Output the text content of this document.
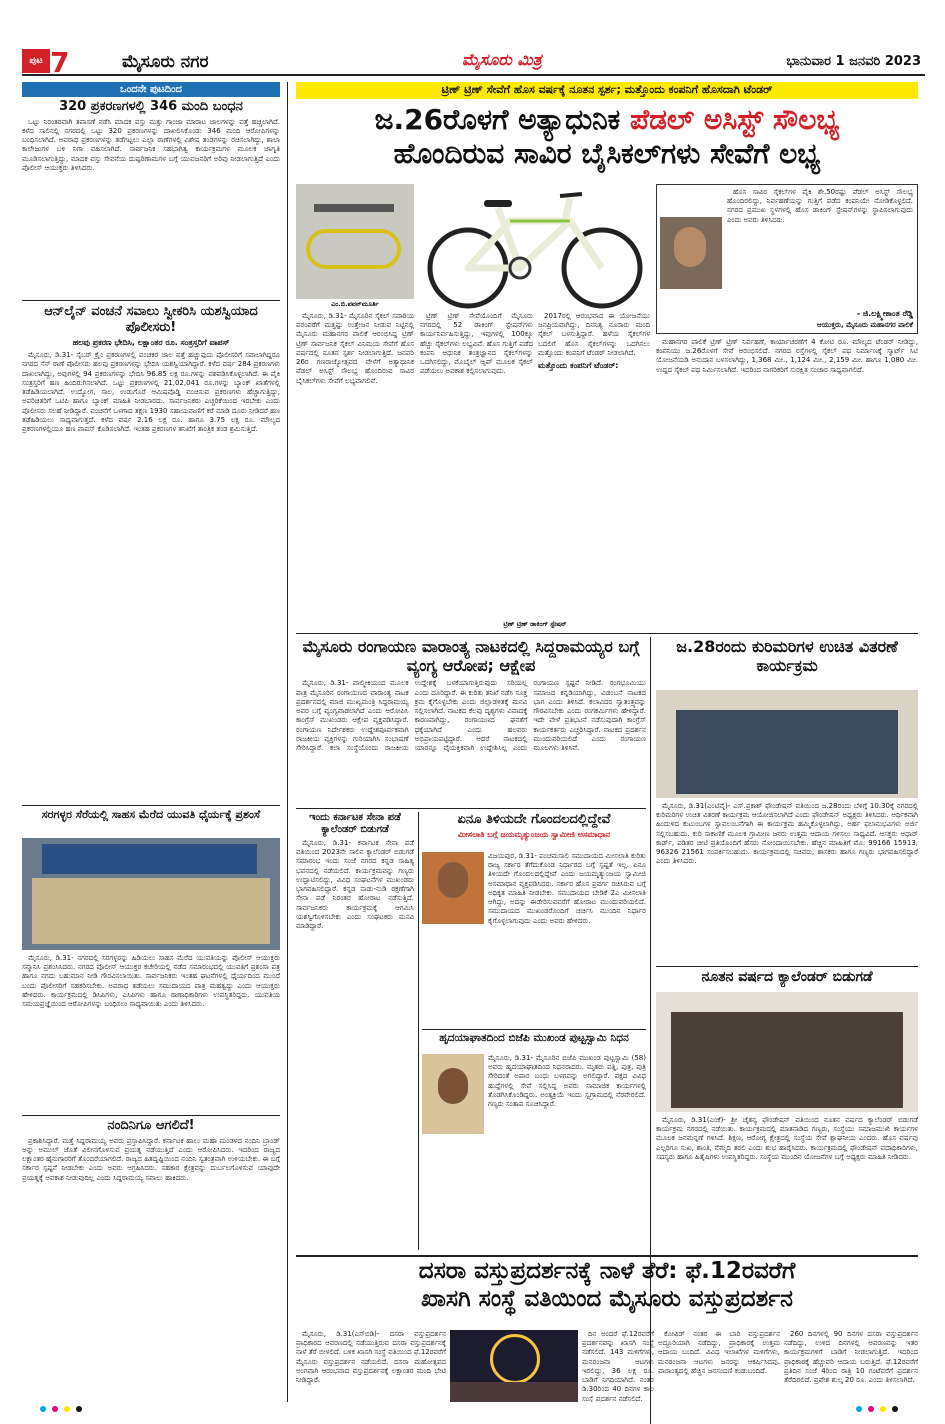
ಪುಟ 7	ಮೈಸೂರು ನಗರ	ಮೈಸೂರು ಮಿತ್ರ	ಭಾನುವಾರ 1 ಜನವರಿ 2023
ಒಂದನೇ ಪುಟದಿಂದ
320 ಪ್ರಕರಣಗಳಲ್ಲಿ 346 ಮಂದಿ ಬಂಧನ

ಒಟ್ಟು ನಿರಂತರವಾಗಿ ತಪಾಸಣೆ ನಡೆಸಿ ಮಾದಕ ವಸ್ತು ಮತ್ತು ಗಾಂಜಾ ಮಾರಾಟ ಜಾಲಗಳನ್ನು ಪತ್ತೆ ಹಚ್ಚಲಾಗಿದೆ. ಕಳೆದ ಸಾಲಿನಲ್ಲಿ ನಗರದಲ್ಲಿ ಒಟ್ಟು 320 ಪ್ರಕರಣಗಳನ್ನು ದಾಖಲಿಸಿಕೊಂಡು 346 ಮಂದಿ ಆರೋಪಿಗಳನ್ನು ಬಂಧಿಸಲಾಗಿದೆ. ಅಪರಾಧ ಪ್ರಕರಣಗಳನ್ನು ತಡೆಗಟ್ಟಲು ಎಲ್ಲಾ ಠಾಣೆಗಳಲ್ಲಿ ವಿಶೇಷ ತಂಡಗಳನ್ನು ರಚಿಸಲಾಗಿದ್ದು, ಶಾಲಾ ಕಾಲೇಜುಗಳ ಬಳಿ ನಿಗಾ ವಹಿಸಲಾಗಿದೆ. ಸಾರ್ವಜನಿಕ ಸಹಭಾಗಿತ್ವ ಕಾರ್ಯಕ್ರಮಗಳ ಮೂಲಕ ಜಾಗೃತಿ ಮೂಡಿಸಲಾಗುತ್ತಿದ್ದು, ಮಾದಕ ವಸ್ತು ಸೇವನೆಯ ದುಷ್ಪರಿಣಾಮಗಳ ಬಗ್ಗೆ ಯುವಜನರಿಗೆ ಅರಿವು ನೀಡಲಾಗುತ್ತಿದೆ ಎಂದು ಪೊಲೀಸ್ ಆಯುಕ್ತರು ತಿಳಿಸಿದರು.

ಆನ್‌ಲೈನ್ ವಂಚನೆ ಸವಾಲು ಸ್ವೀಕರಿಸಿ ಯಶಸ್ವಿಯಾದ ಪೊಲೀಸರು!
ಹಲವು ಪ್ರಕರಣ ಭೇದಿಸಿ, ಲಕ್ಷಾಂತರ ರೂ. ಸಂತ್ರಸ್ತರಿಗೆ ವಾಪಸ್

ಮೈಸೂರು, ಡಿ.31- ಸೈಬರ್ ಕ್ರೈಂ ಪ್ರಕರಣಗಳಲ್ಲಿ ವಂಚಕರ ಜಾಲ ಪತ್ತೆ ಹಚ್ಚುವುದು ಪೊಲೀಸರಿಗೆ ಸವಾಲಾಗಿದ್ದರೂ ನಗರದ ಸೆನ್ ಠಾಣೆ ಪೊಲೀಸರು ಹಲವು ಪ್ರಕರಣಗಳನ್ನು ಭೇದಿಸಿ ಯಶಸ್ವಿಯಾಗಿದ್ದಾರೆ. ಕಳೆದ ವರ್ಷ 284 ಪ್ರಕರಣಗಳು ದಾಖಲಾಗಿದ್ದು, ಅವುಗಳಲ್ಲಿ 94 ಪ್ರಕರಣಗಳನ್ನು ಭೇದಿಸಿ 96.85 ಲಕ್ಷ ರೂ.ಗಳನ್ನು ವಶಪಡಿಸಿಕೊಳ್ಳಲಾಗಿದೆ. ಈ ಪೈಕಿ ಸಂತ್ರಸ್ತರಿಗೆ ಹಣ ಹಿಂದಿರುಗಿಸಲಾಗಿದೆ. ಒಟ್ಟು ಪ್ರಕರಣಗಳಲ್ಲಿ 21,02,041 ರೂ.ಗಳನ್ನು ಬ್ಯಾಂಕ್ ಖಾತೆಗಳಲ್ಲಿ ತಡೆಹಿಡಿಯಲಾಗಿದೆ. ಉದ್ಯೋಗ, ಸಾಲ, ಉಡುಗೊರೆ ಆಮಿಷವೊಡ್ಡಿ ವಂಚಿಸುವ ಪ್ರಕರಣಗಳು ಹೆಚ್ಚಾಗುತ್ತಿದ್ದು, ಅಪರಿಚಿತರಿಗೆ ಒಟಿಪಿ ಹಾಗೂ ಬ್ಯಾಂಕ್ ಮಾಹಿತಿ ನೀಡಬಾರದು. ಸಾರ್ವಜನಿಕರು ಎಚ್ಚರಿಕೆಯಿಂದ ಇರಬೇಕು ಎಂದು ಪೊಲೀಸರು ಸಲಹೆ ನೀಡಿದ್ದಾರೆ. ವಂಚನೆಗೆ ಒಳಗಾದ ತಕ್ಷಣ 1930 ಸಹಾಯವಾಣಿಗೆ ಕರೆ ಮಾಡಿ ದೂರು ನೀಡಿದರೆ ಹಣ ತಡೆಹಿಡಿಯಲು ಸಾಧ್ಯವಾಗುತ್ತದೆ. ಕಳೆದ ವರ್ಷ 2.16 ಲಕ್ಷ ರೂ. ಹಾಗೂ 3.75 ಲಕ್ಷ ರೂ. ಮೌಲ್ಯದ ಪ್ರಕರಣಗಳಲ್ಲಿಯೂ ಹಣ ವಾಪಸ್ ಕೊಡಿಸಲಾಗಿದೆ. ಇಂತಹ ಪ್ರಕರಣಗಳ ತನಿಖೆಗೆ ತಾಂತ್ರಿಕ ತಂಡ ಶ್ರಮಿಸುತ್ತಿದೆ.

ಸರಗಳ್ಳರ ಸೆರೆಯಲ್ಲಿ ಸಾಹಸ ಮೆರೆದ ಯುವತಿ ಧೈರ್ಯಕ್ಕೆ ಪ್ರಶಂಸೆ

ಮೈಸೂರು, ಡಿ.31- ನಗರದಲ್ಲಿ ಸರಗಳ್ಳರನ್ನು ಹಿಡಿಯಲು ಸಾಹಸ ಮೆರೆದ ಯುವತಿಯನ್ನು ಪೊಲೀಸ್ ಆಯುಕ್ತರು ಸನ್ಮಾನಿಸಿ ಪ್ರಶಂಸಿಸಿದರು. ನಗರದ ಪೊಲೀಸ್ ಆಯುಕ್ತರ ಕಚೇರಿಯಲ್ಲಿ ನಡೆದ ಸಮಾರಂಭದಲ್ಲಿ ಯುವತಿಗೆ ಪ್ರಶಂಸಾ ಪತ್ರ ಹಾಗೂ ನಗದು ಬಹುಮಾನ ನೀಡಿ ಗೌರವಿಸಲಾಯಿತು. ಸಾರ್ವಜನಿಕರು ಇಂತಹ ಘಟನೆಗಳಲ್ಲಿ ಧೈರ್ಯದಿಂದ ಮುಂದೆ ಬಂದು ಪೊಲೀಸರಿಗೆ ಸಹಕರಿಸಬೇಕು. ಅಪರಾಧ ತಡೆಯಲು ಸಮುದಾಯದ ಪಾತ್ರ ಮಹತ್ವದ್ದು ಎಂದು ಆಯುಕ್ತರು ಹೇಳಿದರು. ಕಾರ್ಯಕ್ರಮದಲ್ಲಿ ಡಿಸಿಪಿಗಳು, ಎಸಿಪಿಗಳು ಹಾಗೂ ಠಾಣಾಧಿಕಾರಿಗಳು ಉಪಸ್ಥಿತರಿದ್ದರು. ಯುವತಿಯ ಸಮಯಪ್ರಜ್ಞೆಯಿಂದ ಆರೋಪಿಗಳನ್ನು ಬಂಧಿಸಲು ಸಾಧ್ಯವಾಯಿತು ಎಂದು ತಿಳಿಸಿದರು.

ನಂದಿನಿಗೂ ಆಗಲಿದೆ!

ಪ್ರಕಾಶಿಸಿದ್ದಾರೆ. ಮತ್ತೆ ಸಿದ್ದರಾಮಯ್ಯ ಅವರು ಪ್ರಸ್ತಾಪಿಸಿದ್ದಾರೆ. ಕರ್ನಾಟಕ ಹಾಲು ಮಹಾ ಮಂಡಳದ ನಂದಿನಿ ಬ್ರಾಂಡ್ ಅನ್ನು ಅಮುಲ್ ಜೊತೆ ವಿಲೀನಗೊಳಿಸುವ ಪ್ರಯತ್ನ ನಡೆಯುತ್ತಿದೆ ಎಂದು ಆರೋಪಿಸಿದರು. ಇದರಿಂದ ರಾಜ್ಯದ ಲಕ್ಷಾಂತರ ಹೈನುಗಾರರಿಗೆ ತೊಂದರೆಯಾಗಲಿದೆ. ರಾಜ್ಯದ ಹಿತದೃಷ್ಟಿಯಿಂದ ನಂದಿನಿ ಸ್ವತಂತ್ರವಾಗಿ ಉಳಿಯಬೇಕು. ಈ ಬಗ್ಗೆ ಸರ್ಕಾರ ಸ್ಪಷ್ಟನೆ ನೀಡಬೇಕು ಎಂದು ಅವರು ಆಗ್ರಹಿಸಿದರು. ಸಹಕಾರ ಕ್ಷೇತ್ರವನ್ನು ದುರ್ಬಲಗೊಳಿಸುವ ಯಾವುದೇ ಪ್ರಯತ್ನಕ್ಕೆ ಅವಕಾಶ ನೀಡುವುದಿಲ್ಲ ಎಂದು ಸಿದ್ದರಾಮಯ್ಯ ಸವಾಲು ಹಾಕಿದರು.

ಟ್ರಿಣ್ ಟ್ರಿಣ್ ಸೇವೆಗೆ ಹೊಸ ವರ್ಷಕ್ಕೆ ನೂತನ ಸ್ಪರ್ಶ; ಮತ್ತೊಂದು ಕಂಪನಿಗೆ ಹೊಸದಾಗಿ ಟೆಂಡರ್
ಜ.26ರೊಳಗೆ ಅತ್ಯಾಧುನಿಕ ಪೆಡಲ್ ಅಸಿಸ್ಟ್ ಸೌಲಭ್ಯ
ಹೊಂದಿರುವ ಸಾವಿರ ಬೈಸಿಕಲ್‌ಗಳು ಸೇವೆಗೆ ಲಭ್ಯ
ಎಂ.ಬಿ.ಪವನ್‌ಮೂರ್ತಿ

ಮೈಸೂರು, ಡಿ.31- ಮೈಸೂರಿನ ಸೈಕಲ್ ಸವಾರಿಯ ಪರಂಪರೆಗೆ ಮತ್ತಷ್ಟು ಉತ್ತೇಜನ ನೀಡುವ ನಿಟ್ಟಿನಲ್ಲಿ ಮೈಸೂರು ಮಹಾನಗರ ಪಾಲಿಕೆ ಆರಂಭಿಸಿದ್ದ ಟ್ರಿಣ್ ಟ್ರಿಣ್ ಸಾರ್ವಜನಿಕ ಸೈಕಲ್ ವಿನಿಮಯ ಸೇವೆಗೆ ಹೊಸ ವರ್ಷದಲ್ಲಿ ನೂತನ ಸ್ಪರ್ಶ ನೀಡಲಾಗುತ್ತಿದೆ. ಜನವರಿ 26ರ ಗಣರಾಜ್ಯೋತ್ಸವದ ವೇಳೆಗೆ ಅತ್ಯಾಧುನಿಕ ಪೆಡಲ್ ಅಸಿಸ್ಟ್ ಸೌಲಭ್ಯ ಹೊಂದಿರುವ ಸಾವಿರ ಬೈಸಿಕಲ್‌ಗಳು ಸೇವೆಗೆ ಲಭ್ಯವಾಗಲಿವೆ.

ಟ್ರಿಣ್ ಟ್ರಿಣ್ ಸೇವೆಯೊಂದಿಗೆ ಮೈಸೂರು ನಗರದಲ್ಲಿ 52 ಡಾಕಿಂಗ್ ಸ್ಟೇಷನ್‌ಗಳು ಕಾರ್ಯನಿರ್ವಹಿಸುತ್ತಿದ್ದು, ಇವುಗಳಲ್ಲಿ 100ಕ್ಕೂ ಹೆಚ್ಚು ಸೈಕಲ್‌ಗಳು ಲಭ್ಯವಿವೆ. ಹೊಸ ಗುತ್ತಿಗೆ ಪಡೆದ ಕಂಪನಿ ಆಧುನಿಕ ತಂತ್ರಜ್ಞಾನದ ಸೈಕಲ್‌ಗಳನ್ನು ಒದಗಿಸಲಿದ್ದು, ಮೊಬೈಲ್ ಆ್ಯಪ್ ಮೂಲಕ ಸೈಕಲ್ ಪಡೆಯಲು ಅವಕಾಶ ಕಲ್ಪಿಸಲಾಗುವುದು.

2017ರಲ್ಲಿ ಆರಂಭವಾದ ಈ ಯೋಜನೆಯು ಜನಪ್ರಿಯವಾಗಿದ್ದು, ದಿನನಿತ್ಯ ನೂರಾರು ಮಂದಿ ಸೈಕಲ್ ಬಳಸುತ್ತಿದ್ದಾರೆ. ಹಳೆಯ ಸೈಕಲ್‌ಗಳ ಬದಲಿಗೆ ಹೊಸ ಸೈಕಲ್‌ಗಳನ್ನು ಒದಗಿಸಲು ಮತ್ತೊಂದು ಕಂಪನಿಗೆ ಟೆಂಡರ್ ನೀಡಲಾಗಿದೆ.

ಮತ್ತೊಂದು ಕಂಪನಿಗೆ ಟೆಂಡರ್:

ಹೊಸ ಸಾವಿರ ಸೈಕಲ್‌ಗಳ ಪೈಕಿ ಶೇ.50ರಷ್ಟು ಪೆಡಲ್ ಅಸಿಸ್ಟ್ ಸೌಲಭ್ಯ ಹೊಂದಿರಲಿದ್ದು, ನಿರ್ವಹಣೆಯನ್ನು ಗುತ್ತಿಗೆ ಪಡೆದ ಕಂಪನಿಯೇ ನೋಡಿಕೊಳ್ಳಲಿದೆ. ನಗರದ ಪ್ರಮುಖ ಸ್ಥಳಗಳಲ್ಲಿ ಹೊಸ ಡಾಕಿಂಗ್ ಸ್ಟೇಷನ್‌ಗಳನ್ನು ಸ್ಥಾಪಿಸಲಾಗುವುದು ಎಂದು ಅವರು ತಿಳಿಸಿದರು.

- ಜಿ.ಲಕ್ಷ್ಮೀಕಾಂತ ರೆಡ್ಡಿ
ಆಯುಕ್ತರು, ಮೈಸೂರು ಮಹಾನಗರ ಪಾಲಿಕೆ

ಮಹಾನಗರ ಪಾಲಿಕೆ ಟ್ರಿಣ್ ಟ್ರಿಣ್ ನಿರ್ವಹಣೆ, ಕಾರ್ಯಾಚರಣೆಗೆ 4 ಕೋಟಿ ರೂ. ಮೌಲ್ಯದ ಟೆಂಡರ್ ನೀಡಿದ್ದು, ಕಂಪನಿಯು ಜ.26ರೊಳಗೆ ಸೇವೆ ಆರಂಭಿಸಲಿದೆ. ನಗರದ ರಸ್ತೆಗಳಲ್ಲಿ ಸೈಕಲ್ ಪಥ ನಿರ್ಮಾಣಕ್ಕೆ ಸ್ಮಾರ್ಟ್ ಸಿಟಿ ಯೋಜನೆಯಡಿ ಅನುದಾನ ಬಳಸಲಾಗಿದ್ದು, 1,368 ಮೀ., 1,124 ಮೀ., 2,159 ಮೀ. ಹಾಗೂ 1,080 ಮೀ. ಉದ್ದದ ಸೈಕಲ್ ಪಥ ನಿರ್ಮಿಸಲಾಗಿದೆ. ಇದರಿಂದ ನಾಗರಿಕರಿಗೆ ಸುರಕ್ಷಿತ ಸಂಚಾರ ಸಾಧ್ಯವಾಗಲಿದೆ.

ಟ್ರಿಣ್ ಟ್ರಿಣ್ ಡಾಕಿಂಗ್ ಸ್ಟೇಷನ್
ಮೈಸೂರು ರಂಗಾಯಣ ವಾರಾಂತ್ಯ ನಾಟಕದಲ್ಲಿ ಸಿದ್ದರಾಮಯ್ಯರ ಬಗ್ಗೆ ವ್ಯಂಗ್ಯ ಆರೋಪ; ಆಕ್ಷೇಪ

ಮೈಸೂರು, ಡಿ.31- ವಾಲ್ಮೀಕಿಯಂದ ಮೂಲಕ ಪಾತ್ರ ಮೈಸೂರಿನ ರಂಗಾಯಣದ ವಾರಾಂತ್ಯ ನಾಟಕ ಪ್ರದರ್ಶನದಲ್ಲಿ ಮಾಜಿ ಮುಖ್ಯಮಂತ್ರಿ ಸಿದ್ದರಾಮಯ್ಯ ಅವರ ಬಗ್ಗೆ ವ್ಯಂಗ್ಯವಾಡಲಾಗಿದೆ ಎಂದು ಆರೋಪಿಸಿ ಕಾಂಗ್ರೆಸ್ ಮುಖಂಡರು ಆಕ್ಷೇಪ ವ್ಯಕ್ತಪಡಿಸಿದ್ದಾರೆ. ರಂಗಾಯಣ ನಿರ್ದೇಶಕರು ಉದ್ದೇಶಪೂರ್ವಕವಾಗಿ ರಾಜಕೀಯ ವ್ಯಕ್ತಿಗಳನ್ನು ಗುರಿಯಾಗಿಸಿ ಸಂಭಾಷಣೆ ಸೇರಿಸಿದ್ದಾರೆ. ಕಲಾ ಸಂಸ್ಥೆಯೊಂದು ರಾಜಕೀಯ ಉದ್ದೇಶಕ್ಕೆ ಬಳಕೆಯಾಗುತ್ತಿರುವುದು ಸರಿಯಲ್ಲ ಎಂದು ದೂರಿದ್ದಾರೆ. ಈ ಕುರಿತು ತನಿಖೆ ನಡೆಸಿ ಸೂಕ್ತ ಕ್ರಮ ಕೈಗೊಳ್ಳಬೇಕು ಎಂದು ಜಿಲ್ಲಾಡಳಿತಕ್ಕೆ ಮನವಿ ಸಲ್ಲಿಸಲಾಗಿದೆ. ನಾಟಕದ ಕೆಲವು ದೃಶ್ಯಗಳು ವಿವಾದಕ್ಕೆ ಕಾರಣವಾಗಿದ್ದು, ರಂಗಾಯಣದ ಘನತೆಗೆ ಧಕ್ಕೆಯಾಗಿದೆ ಎಂದು ಹಲವರು ಅಭಿಪ್ರಾಯಪಟ್ಟಿದ್ದಾರೆ. ಆದರೆ ನಾಟಕದಲ್ಲಿ ಯಾರನ್ನೂ ವೈಯಕ್ತಿಕವಾಗಿ ಉದ್ದೇಶಿಸಿಲ್ಲ ಎಂದು ರಂಗಾಯಣ ಸ್ಪಷ್ಟನೆ ನೀಡಿದೆ. ರಂಗಭೂಮಿಯು ಸಮಾಜದ ಕನ್ನಡಿಯಾಗಿದ್ದು, ವಿಡಂಬನೆ ನಾಟಕದ ಭಾಗ ಎಂದು ತಿಳಿಸಿದೆ. ಕಲಾವಿದರ ಸ್ವಾತಂತ್ರ್ಯವನ್ನು ಗೌರವಿಸಬೇಕು ಎಂದು ರಂಗಕರ್ಮಿಗಳು ಹೇಳಿದ್ದಾರೆ. ಇದೇ ವೇಳೆ ಪ್ರತಿಭಟನೆ ನಡೆಸುವುದಾಗಿ ಕಾಂಗ್ರೆಸ್ ಕಾರ್ಯಕರ್ತರು ಎಚ್ಚರಿಸಿದ್ದಾರೆ. ನಾಟಕದ ಪ್ರದರ್ಶನ ಮುಂದುವರಿಯಲಿದೆ ಎಂದು ರಂಗಾಯಣ ಮೂಲಗಳು ತಿಳಿಸಿವೆ.

ಜ.28ರಂದು ಕುರಿಮರಿಗಳ ಉಚಿತ ವಿತರಣೆ ಕಾರ್ಯಕ್ರಮ

ಮೈಸೂರು, ಡಿ.31(ಎಂಟಿವೈ)- ಎಸ್.ಪ್ರಕಾಶ್ ಫೌಂಡೇಷನ್ ವತಿಯಿಂದ ಜ.28ರಂದು ಬೆಳಿಗ್ಗೆ 10.30ಕ್ಕೆ ನಗರದಲ್ಲಿ ಕುರಿಮರಿಗಳ ಉಚಿತ ವಿತರಣೆ ಕಾರ್ಯಕ್ರಮ ಆಯೋಜಿಸಲಾಗಿದೆ ಎಂದು ಫೌಂಡೇಷನ್ ಅಧ್ಯಕ್ಷರು ತಿಳಿಸಿದರು. ಆರ್ಥಿಕವಾಗಿ ಹಿಂದುಳಿದ ಕುಟುಂಬಗಳ ಸ್ವಾವಲಂಬನೆಗಾಗಿ ಈ ಕಾರ್ಯಕ್ರಮ ಹಮ್ಮಿಕೊಳ್ಳಲಾಗಿದ್ದು, ಅರ್ಹ ಫಲಾನುಭವಿಗಳು ಅರ್ಜಿ ಸಲ್ಲಿಸಬಹುದು. ಕುರಿ ಸಾಕಾಣಿಕೆ ಮೂಲಕ ಗ್ರಾಮೀಣ ಜನರು ಉತ್ತಮ ಆದಾಯ ಗಳಿಸಲು ಸಾಧ್ಯವಿದೆ. ಆಸಕ್ತರು ಆಧಾರ್ ಕಾರ್ಡ್, ಪಡಿತರ ಚೀಟಿ ಪ್ರತಿಯೊಂದಿಗೆ ಹೆಸರು ನೋಂದಾಯಿಸಬೇಕು. ಹೆಚ್ಚಿನ ಮಾಹಿತಿಗೆ ಮೊ: 99166 15913, 96326 21561 ಸಂಪರ್ಕಿಸಬಹುದು. ಕಾರ್ಯಕ್ರಮದಲ್ಲಿ ಸಚಿವರು, ಶಾಸಕರು ಹಾಗೂ ಗಣ್ಯರು ಭಾಗವಹಿಸಲಿದ್ದಾರೆ ಎಂದು ತಿಳಿಸಿದರು.

ನೂತನ ವರ್ಷದ ಕ್ಯಾಲೆಂಡರ್ ಬಿಡುಗಡೆ

ಮೈಸೂರು, ಡಿ.31(ಎಂಕೆ)- ಶ್ರೀ ಚೈತನ್ಯ ಫೌಂಡೇಷನ್ ವತಿಯಿಂದ ನೂತನ ವರ್ಷದ ಕ್ಯಾಲೆಂಡರ್ ಬಿಡುಗಡೆ ಕಾರ್ಯಕ್ರಮ ನಗರದಲ್ಲಿ ನಡೆಯಿತು. ಕಾರ್ಯಕ್ರಮದಲ್ಲಿ ಮಾತನಾಡಿದ ಗಣ್ಯರು, ಸಂಸ್ಥೆಯು ಸಮಾಜಮುಖಿ ಕಾರ್ಯಗಳ ಮೂಲಕ ಜನಮನ್ನಣೆ ಗಳಿಸಿದೆ. ಶಿಕ್ಷಣ, ಆರೋಗ್ಯ ಕ್ಷೇತ್ರದಲ್ಲಿ ಸಂಸ್ಥೆಯ ಸೇವೆ ಶ್ಲಾಘನೀಯ ಎಂದರು. ಹೊಸ ವರ್ಷವು ಎಲ್ಲರಿಗೂ ಸುಖ, ಶಾಂತಿ, ನೆಮ್ಮದಿ ತರಲಿ ಎಂದು ಶುಭ ಹಾರೈಸಿದರು. ಕಾರ್ಯಕ್ರಮದಲ್ಲಿ ಫೌಂಡೇಷನ್ ಪದಾಧಿಕಾರಿಗಳು, ಸದಸ್ಯರು ಹಾಗೂ ಹಿತೈಷಿಗಳು ಉಪಸ್ಥಿತರಿದ್ದರು. ಸಂಸ್ಥೆಯ ಮುಂದಿನ ಯೋಜನೆಗಳ ಬಗ್ಗೆ ಅಧ್ಯಕ್ಷರು ಮಾಹಿತಿ ನೀಡಿದರು.

ಇಂದು ಕರ್ನಾಟಕ ಸೇನಾ ಪಡೆ ಕ್ಯಾಲೆಂಡರ್ ಬಿಡುಗಡೆ

ಮೈಸೂರು, ಡಿ.31- ಕರ್ನಾಟಕ ಸೇನಾ ಪಡೆ ವತಿಯಿಂದ 2023ನೇ ಸಾಲಿನ ಕ್ಯಾಲೆಂಡರ್ ಬಿಡುಗಡೆ ಸಮಾರಂಭ ಇಂದು ಸಂಜೆ ನಗರದ ಕನ್ನಡ ಸಾಹಿತ್ಯ ಭವನದಲ್ಲಿ ನಡೆಯಲಿದೆ. ಕಾರ್ಯಕ್ರಮವನ್ನು ಗಣ್ಯರು ಉದ್ಘಾಟಿಸಲಿದ್ದು, ವಿವಿಧ ಸಂಘಟನೆಗಳ ಮುಖಂಡರು ಭಾಗವಹಿಸಲಿದ್ದಾರೆ. ಕನ್ನಡ ನಾಡು-ನುಡಿ ರಕ್ಷಣೆಗಾಗಿ ಸೇನಾ ಪಡೆ ನಿರಂತರ ಹೋರಾಟ ನಡೆಸುತ್ತಿದೆ. ಸಾರ್ವಜನಿಕರು ಕಾರ್ಯಕ್ರಮಕ್ಕೆ ಆಗಮಿಸಿ ಯಶಸ್ವಿಗೊಳಿಸಬೇಕು ಎಂದು ಸಂಘಟಕರು ಮನವಿ ಮಾಡಿದ್ದಾರೆ.

ಏನೂ ತಿಳಿಯದೇ ಗೊಂದಲದಲ್ಲಿದ್ದೇವೆ
ಮೀಸಲಾತಿ ಬಗ್ಗೆ ಜಯಮೃತ್ಯುಂಜಯ ಸ್ವಾಮೀಜಿ ಅಸಮಾಧಾನ

ವಿಜಯಪುರ, ಡಿ.31- ಪಂಚಮಸಾಲಿ ಸಮುದಾಯದ ಮೀಸಲಾತಿ ಕುರಿತು ರಾಜ್ಯ ಸರ್ಕಾರ ತೆಗೆದುಕೊಂಡ ನಿರ್ಧಾರದ ಬಗ್ಗೆ ಸ್ಪಷ್ಟತೆ ಇಲ್ಲ. ಏನೂ ತಿಳಿಯದೇ ಗೊಂದಲದಲ್ಲಿದ್ದೇವೆ ಎಂದು ಜಯಮೃತ್ಯುಂಜಯ ಸ್ವಾಮೀಜಿ ಅಸಮಾಧಾನ ವ್ಯಕ್ತಪಡಿಸಿದರು. ಸರ್ಕಾರ ಹೊಸ ಪ್ರವರ್ಗ ರಚಿಸಿರುವ ಬಗ್ಗೆ ಅಧಿಕೃತ ಮಾಹಿತಿ ನೀಡಬೇಕು. ಸಮುದಾಯದ ಬೇಡಿಕೆ 2ಎ ಮೀಸಲಾತಿ ಆಗಿದ್ದು, ಅದನ್ನು ಈಡೇರಿಸುವವರೆಗೆ ಹೋರಾಟ ಮುಂದುವರಿಯಲಿದೆ. ಸಮುದಾಯದ ಮುಖಂಡರೊಂದಿಗೆ ಚರ್ಚಿಸಿ ಮುಂದಿನ ನಿರ್ಧಾರ ಕೈಗೊಳ್ಳಲಾಗುವುದು ಎಂದು ಅವರು ಹೇಳಿದರು.

ಹೃದಯಾಘಾತದಿಂದ ಬಿಜೆಪಿ ಮುಖಂಡ ಪುಟ್ಟಸ್ವಾಮಿ ನಿಧನ

ಮೈಸೂರು, ಡಿ.31- ಮೈಸೂರಿನ ಬಿಜೆಪಿ ಮುಖಂಡ ಪುಟ್ಟಸ್ವಾಮಿ (58) ಅವರು ಹೃದಯಾಘಾತದಿಂದ ನಿಧನರಾದರು. ಮೃತರು ಪತ್ನಿ, ಪುತ್ರ, ಪುತ್ರಿ ಸೇರಿದಂತೆ ಅಪಾರ ಬಂಧು ಬಳಗವನ್ನು ಅಗಲಿದ್ದಾರೆ. ಪಕ್ಷದ ವಿವಿಧ ಹುದ್ದೆಗಳಲ್ಲಿ ಸೇವೆ ಸಲ್ಲಿಸಿದ್ದ ಅವರು ಸಾಮಾಜಿಕ ಕಾರ್ಯಗಳಲ್ಲಿ ತೊಡಗಿಸಿಕೊಂಡಿದ್ದರು. ಅಂತ್ಯಕ್ರಿಯೆ ಇಂದು ಸ್ವಗ್ರಾಮದಲ್ಲಿ ನೆರವೇರಲಿದೆ. ಗಣ್ಯರು ಸಂತಾಪ ಸೂಚಿಸಿದ್ದಾರೆ.

ದಸರಾ ವಸ್ತುಪ್ರದರ್ಶನಕ್ಕೆ ನಾಳೆ ತೆರೆ: ಫೆ.12ರವರೆಗೆ
ಖಾಸಗಿ ಸಂಸ್ಥೆ ವತಿಯಿಂದ ಮೈಸೂರು ವಸ್ತುಪ್ರದರ್ಶನ

ಮೈಸೂರು, ಡಿ.31(ಎಸ್‌ಬಿಡಿ)- ದಸರಾ ವಸ್ತುಪ್ರದರ್ಶನ ಪ್ರಾಧಿಕಾರದ ಆವರಣದಲ್ಲಿ ನಡೆಯುತ್ತಿರುವ ದಸರಾ ವಸ್ತುಪ್ರದರ್ಶನಕ್ಕೆ ನಾಳೆ ತೆರೆ ಬೀಳಲಿದೆ. ಬಳಿಕ ಖಾಸಗಿ ಸಂಸ್ಥೆ ವತಿಯಿಂದ ಫೆ.12ರವರೆಗೆ ಮೈಸೂರು ವಸ್ತುಪ್ರದರ್ಶನ ನಡೆಯಲಿದೆ. ದಸರಾ ಮಹೋತ್ಸವದ ಅಂಗವಾಗಿ ಆರಂಭವಾದ ವಸ್ತುಪ್ರದರ್ಶನಕ್ಕೆ ಲಕ್ಷಾಂತರ ಮಂದಿ ಭೇಟಿ ನೀಡಿದ್ದಾರೆ.

ದಿನ ಅಂದರೆ ಫೆ.12ರವರೆಗೆ ಪ್ರದರ್ಶನವನ್ನು ಖಾಸಗಿ ಸಂಸ್ಥೆ ನಡೆಸಲಿದೆ. 143 ಮಳಿಗೆಗಳು, ಮನರಂಜನಾ ಆಟಗಳು ಇರಲಿದ್ದು, 36 ಲಕ್ಷ ರೂ. ಬಾಡಿಗೆ ನಿಗದಿಯಾಗಿದೆ. ನಂತರ ಡಿ.30ರಿಂದ 40 ದಿನಗಳ ಕಾಲ ಸಂಸ್ಥೆ ಪ್ರದರ್ಶನ ನಡೆಸಲಿದೆ.

ಕೋವಿಡ್ ನಂತರ ಈ ಬಾರಿ ವಸ್ತುಪ್ರದರ್ಶನ ಅದ್ದೂರಿಯಾಗಿ ನಡೆದಿದ್ದು, ಪ್ರಾಧಿಕಾರಕ್ಕೆ ಉತ್ತಮ ಆದಾಯ ಬಂದಿದೆ. ವಿವಿಧ ಇಲಾಖೆಗಳ ಮಳಿಗೆಗಳು, ಮನರಂಜನಾ ಆಟಗಳು ಜನರನ್ನು ಆಕರ್ಷಿಸಿದವು. ವಾರಾಂತ್ಯದಲ್ಲಿ ಹೆಚ್ಚಿನ ಜನಸಂದಣಿ ಕಂಡುಬಂದಿದೆ.

260 ದಿನಗಳಲ್ಲಿ 90 ದಿನಗಳ ದಸರಾ ವಸ್ತುಪ್ರದರ್ಶನ ನಡೆದಿದ್ದು, ಉಳಿದ ದಿನಗಳಲ್ಲಿ ಆವರಣವನ್ನು ಇತರ ಕಾರ್ಯಕ್ರಮಗಳಿಗೆ ಬಾಡಿಗೆ ನೀಡಲಾಗುತ್ತಿದೆ. ಇದರಿಂದ ಪ್ರಾಧಿಕಾರಕ್ಕೆ ಹೆಚ್ಚುವರಿ ಆದಾಯ ಬರುತ್ತಿದೆ. ಫೆ.12ರವರೆಗೆ ಪ್ರತಿದಿನ ಸಂಜೆ 4ರಿಂದ ರಾತ್ರಿ 10 ಗಂಟೆವರೆಗೆ ಪ್ರದರ್ಶನ ತೆರೆದಿರಲಿದೆ. ಪ್ರವೇಶ ಶುಲ್ಕ 20 ರೂ. ಎಂದು ತಿಳಿಸಲಾಗಿದೆ.
